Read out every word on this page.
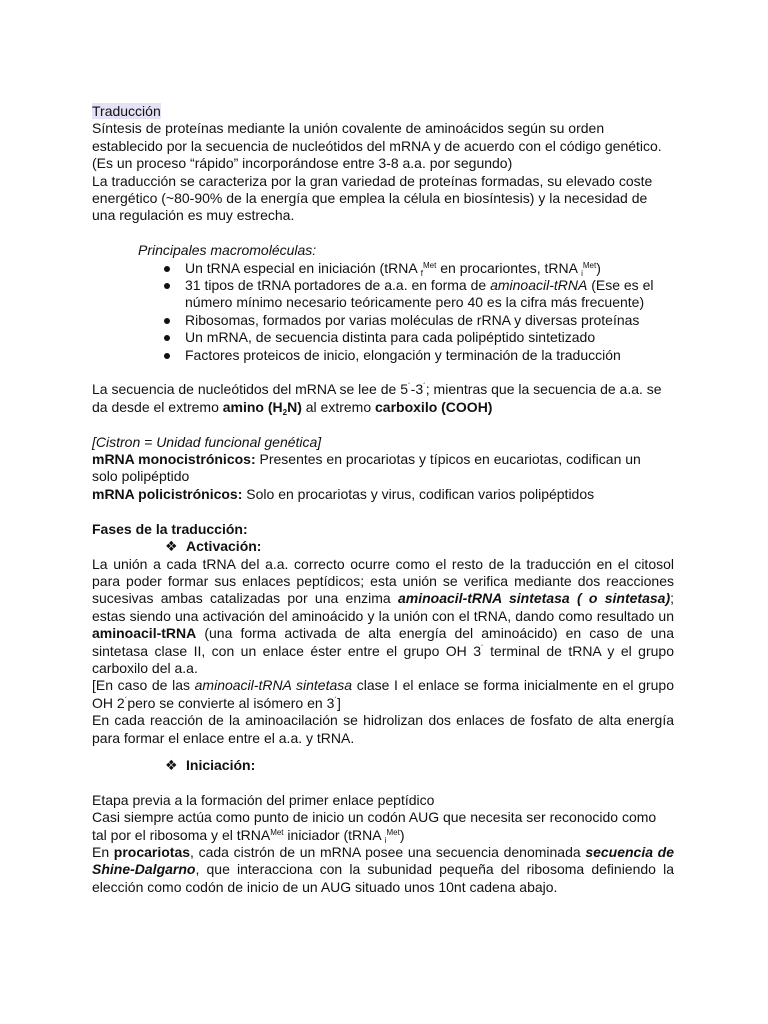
Traducción

Síntesis de proteínas mediante la unión covalente de aminoácidos según su orden

establecido por la secuencia de nucleótidos del mRNA y de acuerdo con el código genético.

(Es un proceso “rápido” incorporándose entre 3-8 a.a. por segundo)

La traducción se caracteriza por la gran variedad de proteínas formadas, su elevado coste

energético (~80-90% de la energía que emplea la célula en biosíntesis) y la necesidad de

una regulación es muy estrecha.

Principales macromoléculas:

Un tRNA especial en iniciación (tRNA $_f^{Met}$ en procariontes, tRNA $_i^{Met}$)
31 tipos de tRNA portadores de a.a. en forma de aminoacil-tRNA (Ese es el
número mínimo necesario teóricamente pero 40 es la cifra más frecuente)
Ribosomas, formados por varias moléculas de rRNA y diversas proteínas
Un mRNA, de secuencia distinta para cada polipéptido sintetizado
Factores proteicos de inicio, elongación y terminación de la traducción

La secuencia de nucleótidos del mRNA se lee de 5´-3´; mientras que la secuencia de a.a. se

da desde el extremo amino $(H_2N)$ al extremo carboxilo (COOH)

[Cistron = Unidad funcional genética]

mRNA monocistrónicos: Presentes en procariotas y típicos en eucariotas, codifican un

solo polipéptido

mRNA policistrónicos: Solo en procariotas y virus, codifican varios polipéptidos

Fases de la traducción:

❖ Activación:

La unión a cada tRNA del a.a. correcto ocurre como el resto de la traducción en el citosol para poder formar sus enlaces peptídicos; esta unión se verifica mediante dos reacciones sucesivas ambas catalizadas por una enzima aminoacil-tRNA sintetasa ( o sintetasa); estas siendo una activación del aminoácido y la unión con el tRNA, dando como resultado un aminoacil-tRNA (una forma activada de alta energía del aminoácido) en caso de una sintetasa clase II, con un enlace éster entre el grupo OH 3´ terminal de tRNA y el grupo carboxilo del a.a.

[En caso de las aminoacil-tRNA sintetasa clase I el enlace se forma inicialmente en el grupo OH 2´pero se convierte al isómero en 3´]

En cada reacción de la aminoacilación se hidrolizan dos enlaces de fosfato de alta energía para formar el enlace entre el a.a. y tRNA.

❖ Iniciación:

Etapa previa a la formación del primer enlace peptídico

Casi siempre actúa como punto de inicio un codón AUG que necesita ser reconocido como

tal por el ribosoma y el tRNA$^{Met}$ iniciador (tRNA $_i^{Met}$)

En procariotas, cada cistrón de un mRNA posee una secuencia denominada secuencia de Shine-Dalgarno, que interacciona con la subunidad pequeña del ribosoma definiendo la elección como codón de inicio de un AUG situado unos 10nt cadena abajo.
